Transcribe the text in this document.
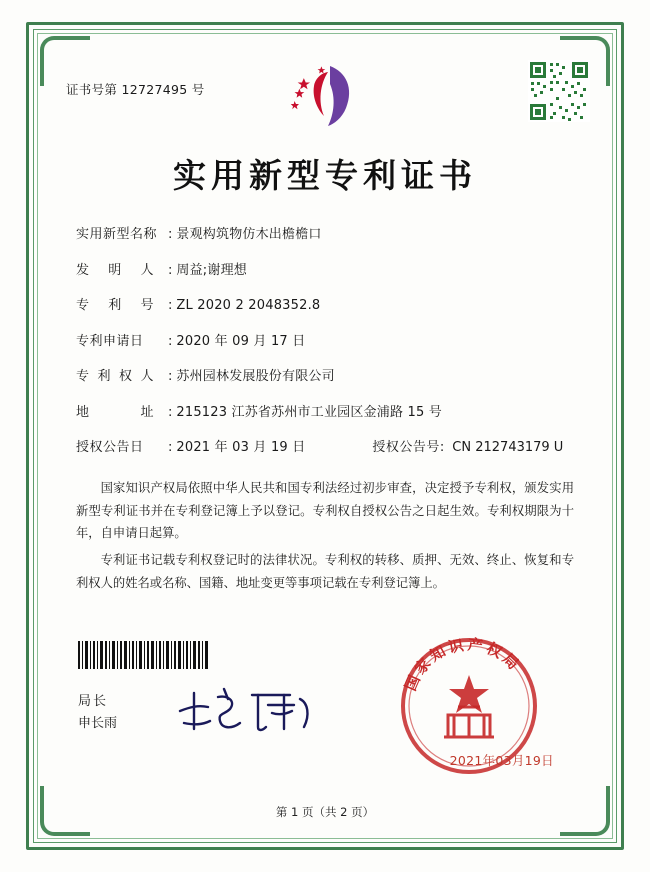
证书号第 12727495 号
实用新型专利证书
实用新型名称 : 景观构筑物仿木出檐檐口
发 明 人	: 周益;谢理想
专 利 号	: ZL 2020 2 2048352.8
专利申请日	: 2020 年 09 月 17 日
专 利 权 人	: 苏州园林发展股份有限公司
地 址	: 215123 江苏省苏州市工业园区金浦路 15 号
授权公告日	: 2021 年 03 月 19 日	授权公告号 : CN 212743179 U

国家知识产权局依照中华人民共和国专利法经过初步审查，决定授予专利权，颁发实用新型专利证书并在专利登记簿上予以登记。专利权自授权公告之日起生效。专利权期限为十年，自申请日起算。

专利证书记载专利权登记时的法律状况。专利权的转移、质押、无效、终止、恢复和专利权人的姓名或名称、国籍、地址变更等事项记载在专利登记簿上。

局长
申长雨
国家知识产权局
2021年03月19日
第 1 页（共 2 页）
